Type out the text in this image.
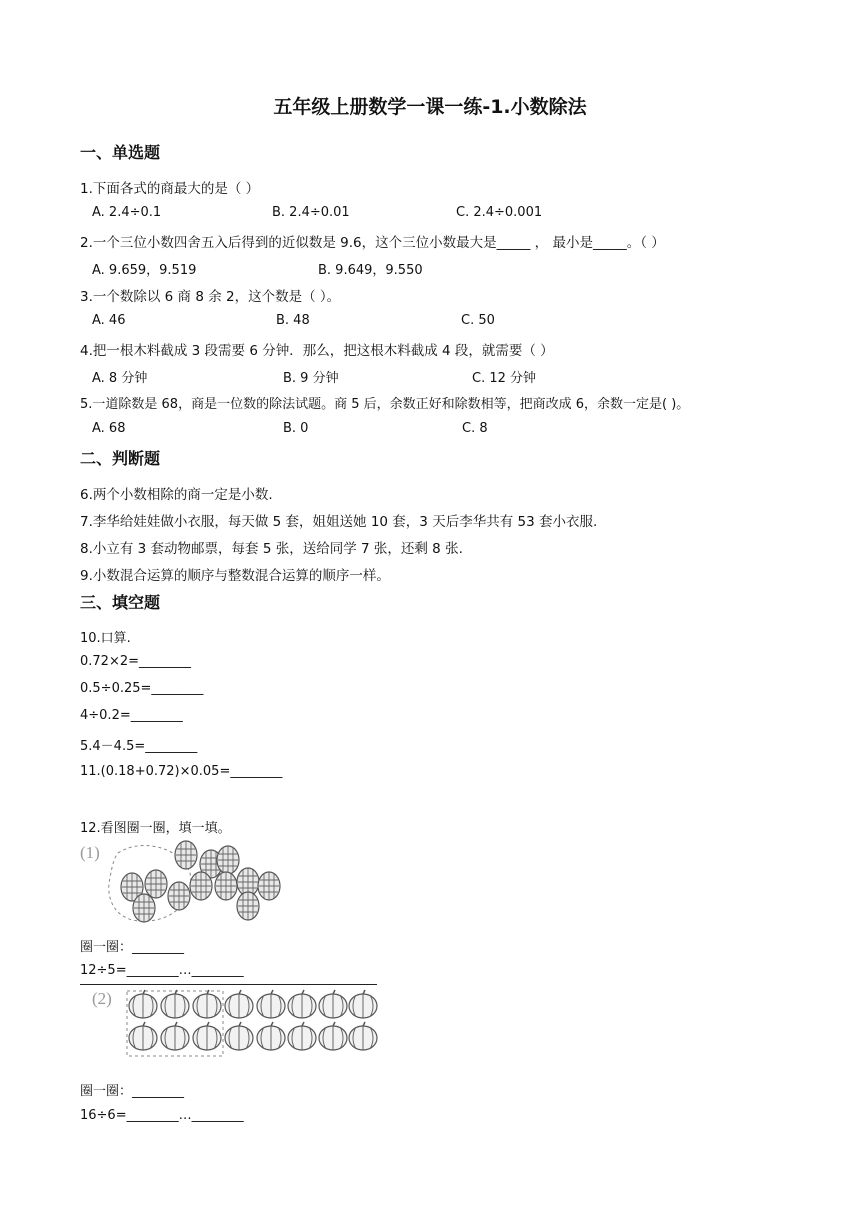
五年级上册数学一课一练-1.小数除法
一、单选题
1.下面各式的商最大的是（ ）
A. 2.4÷0.1	B. 2.4÷0.01	C. 2.4÷0.001
2.一个三位小数四舍五入后得到的近似数是 9.6，这个三位小数最大是_____ ， 最小是_____。（ ）
A. 9.659，9.519	B. 9.649，9.550
3.一个数除以 6 商 8 余 2，这个数是（ ）。
A. 46	B. 48	C. 50
4.把一根木料截成 3 段需要 6 分钟．那么，把这根木料截成 4 段，就需要（ ）
A. 8 分钟	B. 9 分钟	C. 12 分钟
5.一道除数是 68，商是一位数的除法试题。商 5 后，余数正好和除数相等，把商改成 6，余数一定是( )。
A. 68	B. 0	C. 8
二、判断题
6.两个小数相除的商一定是小数.
7.李华给娃娃做小衣服，每天做 5 套，姐姐送她 10 套，3 天后李华共有 53 套小衣服.
8.小立有 3 套动物邮票，每套 5 张，送给同学 7 张，还剩 8 张.
9.小数混合运算的顺序与整数混合运算的顺序一样。
三、填空题
10.口算.
0.72×2=________
0.5÷0.25=________
4÷0.2=________
5.4－4.5=________
11.(0.18+0.72)×0.05=________
12.看图圈一圈，填一填。
(1)
圈一圈：________
12÷5=________…________
(2)
圈一圈：________
16÷6=________…________
